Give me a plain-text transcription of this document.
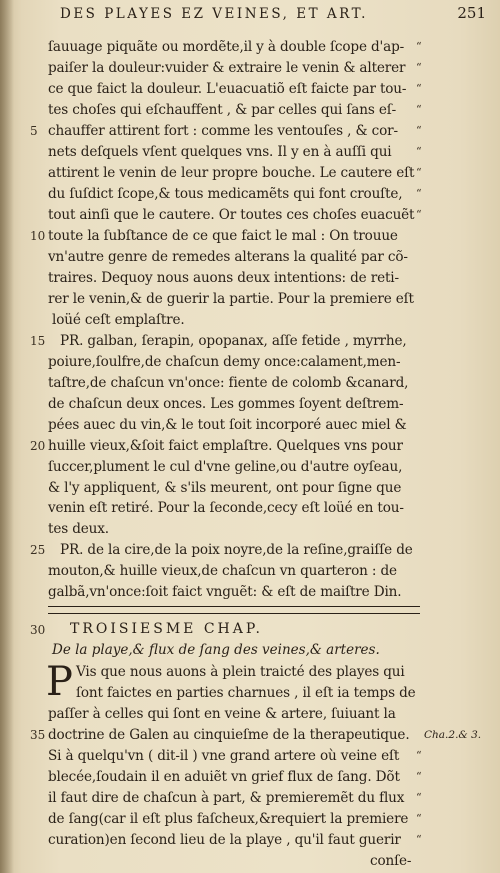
DES PLAYES EZ VEINES, ET ART.	251
ſauuage piquãte ou mordẽte,il y à double ſcope d'ap- “
paiſer la douleur:vuider & extraire le venin & alterer “
ce que faict la douleur. L'euacuatiõ eſt faicte par tou- “
tes choſes qui eſchauffent , & par celles qui ſans eſ- “
5 chauffer attirent fort : comme les ventouſes , & cor- “
nets deſquels vſent quelques vns. Il y en à auſſi qui “
attirent le venin de leur propre bouche. Le cautere eſt “
du ſuſdict ſcope,& tous medicamẽts qui font crouſte, “
tout ainſi que le cautere. Or toutes ces choſes euacuẽt “
10 toute la ſubſtance de ce que faict le mal : On trouue
vn'autre genre de remedes alterans la qualité par cõ-
traires. Dequoy nous auons deux intentions: de reti-
rer le venin,& de guerir la partie. Pour la premiere eſt
loüé ceſt emplaſtre.
15 PR. galban, ſerapin, opopanax, aſſe fetide , myrrhe,
poiure,ſoulfre,de chaſcun demy once:calament,men-
taſtre,de chaſcun vn'once: fiente de colomb &canard,
de chaſcun deux onces. Les gommes ſoyent deſtrem-
pées auec du vin,& le tout ſoit incorporé auec miel &
20 huille vieux,&ſoit faict emplaſtre. Quelques vns pour
ſuccer,plument le cul d'vne geline,ou d'autre oyſeau,
& l'y appliquent, & s'ils meurent, ont pour ſigne que
venin eſt retiré. Pour la ſeconde,cecy eſt loüé en tou-
tes deux.
25 PR. de la cire,de la poix noyre,de la reſine,graiſſe de
mouton,& huille vieux,de chaſcun vn quarteron : de
galbã,vn'once:ſoit faict vnguẽt: & eſt de maiſtre Din.
30 TROISIESME CHAP.
De la playe,& flux de ſang des veines,& arteres.
P Vis que nous auons à plein traicté des playes qui
ſont faictes en parties charnues , il eſt ia temps de
paſſer à celles qui ſont en veine & artere, ſuiuant la
35 doctrine de Galen au cinquieſme de la therapeutique. Cha.2.& 3.
Si à quelqu'vn ( dit-il ) vne grand artere où veine eſt “
blecée,ſoudain il en aduiẽt vn grief flux de ſang. Dõt “
il faut dire de chaſcun à part, & premieremẽt du flux “
de ſang(car il eſt plus faſcheux,&requiert la premiere “
curation)en ſecond lieu de la playe , qu'il faut guerir “
conſe-
